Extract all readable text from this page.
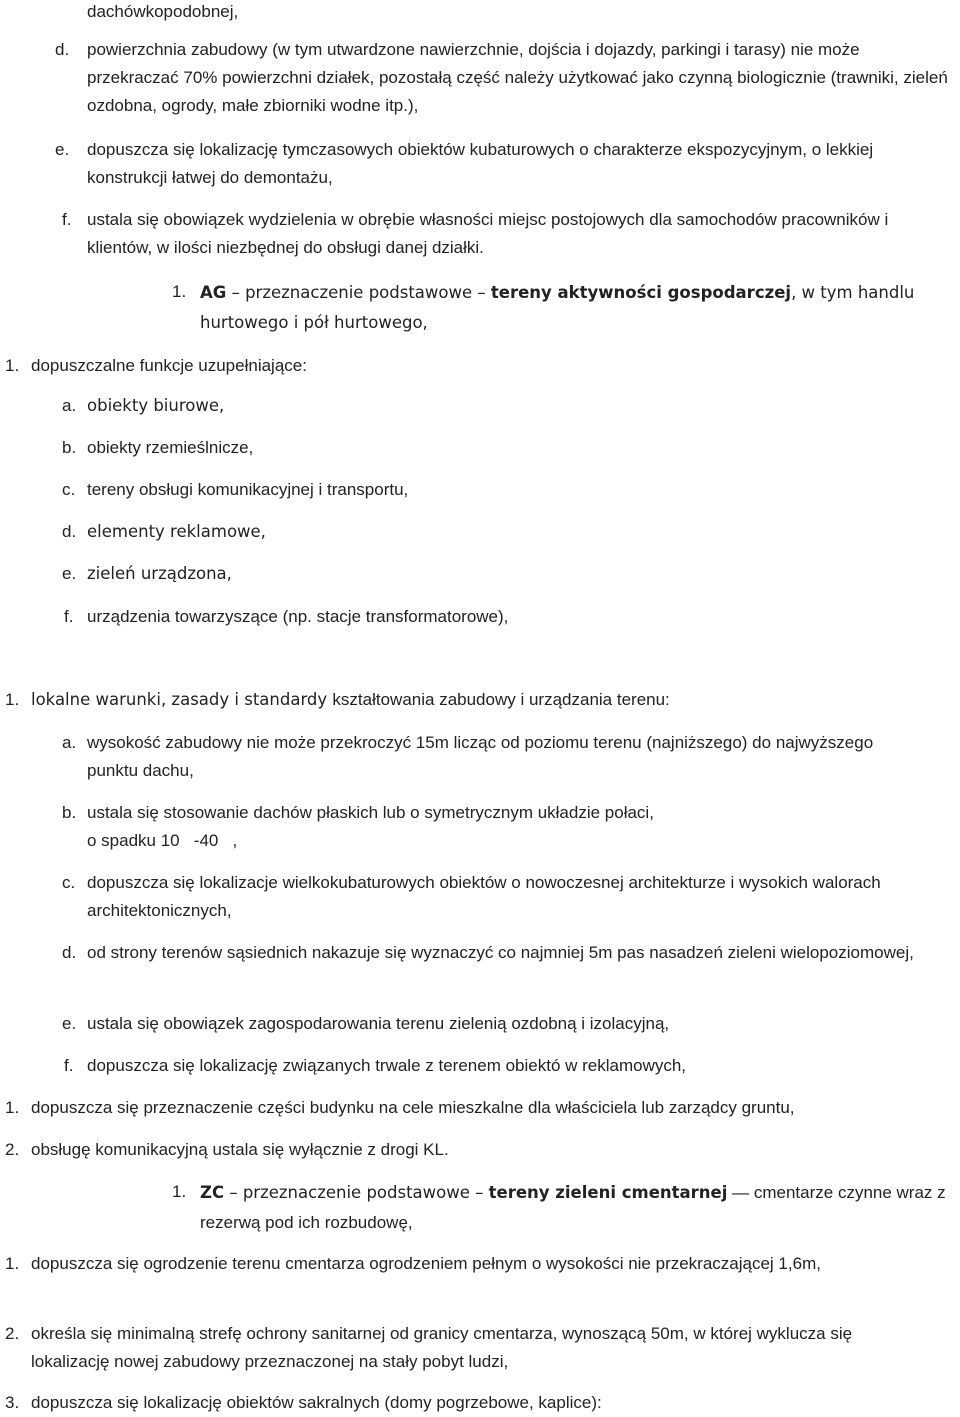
dachówkopodobnej,

d. powierzchnia zabudowy (w tym utwardzone nawierzchnie, dojścia i dojazdy, parkingi i tarasy) nie może przekraczać 70% powierzchni działek, pozostałą część należy użytkować jako czynną biologicznie (trawniki, zieleń ozdobna, ogrody, małe zbiorniki wodne itp.),
e. dopuszcza się lokalizację tymczasowych obiektów kubaturowych o charakterze ekspozycyjnym, o lekkiej konstrukcji łatwej do demontażu,
f. ustala się obowiązek wydzielenia w obrębie własności miejsc postojowych dla samochodów pracowników i klientów, w ilości niezbędnej do obsługi danej działki.
1. AG – przeznaczenie podstawowe – tereny aktywności gospodarczej, w tym handlu hurtowego i pół hurtowego,
1. dopuszczalne funkcje uzupełniające:
a. obiekty biurowe,
b. obiekty rzemieślnicze,
c. tereny obsługi komunikacyjnej i transportu,
d. elementy reklamowe,
e. zieleń urządzona,
f. urządzenia towarzyszące (np. stacje transformatorowe),
1. lokalne warunki, zasady i standardy kształtowania zabudowy i urządzania terenu:
a. wysokość zabudowy nie może przekroczyć 15m licząc od poziomu terenu (najniższego) do najwyższego punktu dachu,
b. ustala się stosowanie dachów płaskich lub o symetrycznym układzie połaci,
o spadku 10   -40   ,
c. dopuszcza się lokalizacje wielkokubaturowych obiektów o nowoczesnej architekturze i wysokich walorach architektonicznych,
d. od strony terenów sąsiednich nakazuje się wyznaczyć co najmniej 5m pas nasadzeń zieleni wielopoziomowej,
e. ustala się obowiązek zagospodarowania terenu zielenią ozdobną i izolacyjną,
f. dopuszcza się lokalizację związanych trwale z terenem obiektó w reklamowych,
1. dopuszcza się przeznaczenie części budynku na cele mieszkalne dla właściciela lub zarządcy gruntu,
2. obsługę komunikacyjną ustala się wyłącznie z drogi KL.
1. ZC – przeznaczenie podstawowe – tereny zieleni cmentarnej — cmentarze czynne wraz z rezerwą pod ich rozbudowę,
1. dopuszcza się ogrodzenie terenu cmentarza ogrodzeniem pełnym o wysokości nie przekraczającej 1,6m,
2. określa się minimalną strefę ochrony sanitarnej od granicy cmentarza, wynoszącą 50m, w której wyklucza się lokalizację nowej zabudowy przeznaczonej na stały pobyt ludzi,
3. dopuszcza się lokalizację obiektów sakralnych (domy pogrzebowe, kaplice):
